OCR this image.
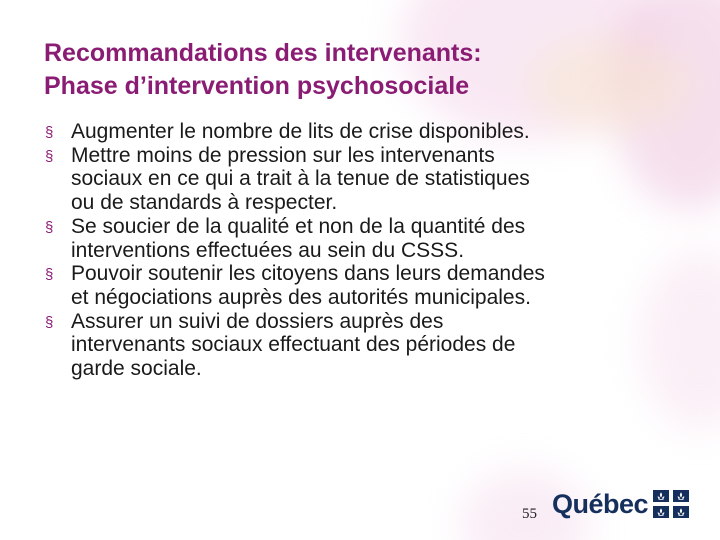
Recommandations des intervenants:
Phase d’intervention psychosociale
§ Augmenter le nombre de lits de crise disponibles.
§ Mettre moins de pression sur les intervenants
sociaux en ce qui a trait à la tenue de statistiques
ou de standards à respecter.
§ Se soucier de la qualité et non de la quantité des
interventions effectuées au sein du CSSS.
§ Pouvoir soutenir les citoyens dans leurs demandes
et négociations auprès des autorités municipales.
§ Assurer un suivi de dossiers auprès des
intervenants sociaux effectuant des périodes de
garde sociale.
55 Québec
